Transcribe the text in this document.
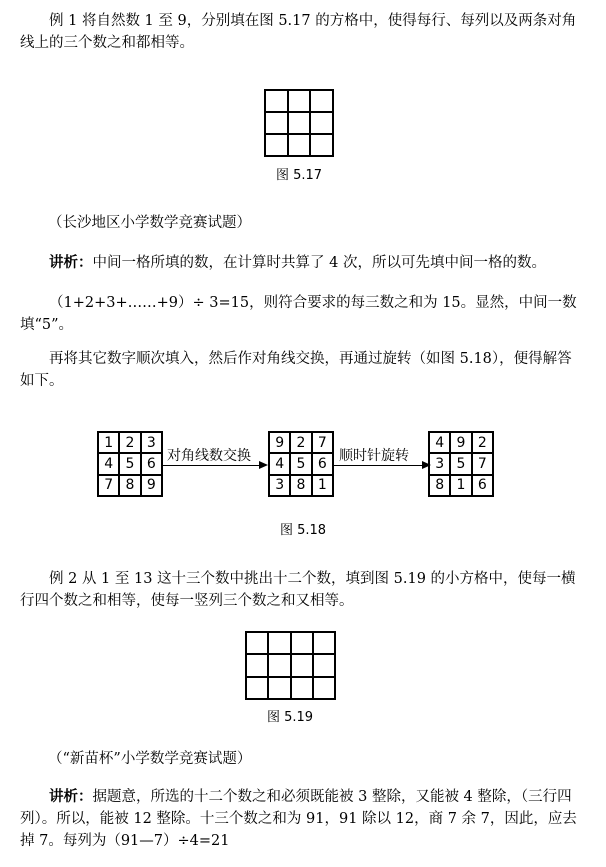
例 1 将自然数 1 至 9，分别填在图 5.17 的方格中，使得每行、每列以及两条对角线上的三个数之和都相等。

图 5.17

（长沙地区小学数学竞赛试题）

讲析：中间一格所填的数，在计算时共算了 4 次，所以可先填中间一格的数。

（1+2+3+……+9）÷ 3=15，则符合要求的每三数之和为 15。显然，中间一数填“5”。

再将其它数字顺次填入，然后作对角线交换，再通过旋转（如图 5.18），便得解答如下。

1 2 3
4 5 6
7 8 9
对角线数交换
9 2 7
4 5 6
3 8 1
顺时针旋转
4 9 2
3 5 7
8 1 6
图 5.18

例 2 从 1 至 13 这十三个数中挑出十二个数，填到图 5.19 的小方格中，使每一横行四个数之和相等，使每一竖列三个数之和又相等。

图 5.19

（“新苗杯”小学数学竞赛试题）

讲析：据题意，所选的十二个数之和必须既能被 3 整除，又能被 4 整除，（三行四列）。所以，能被 12 整除。十三个数之和为 91，91 除以 12，商 7 余 7，因此，应去掉 7。每列为（91—7）÷4=21
